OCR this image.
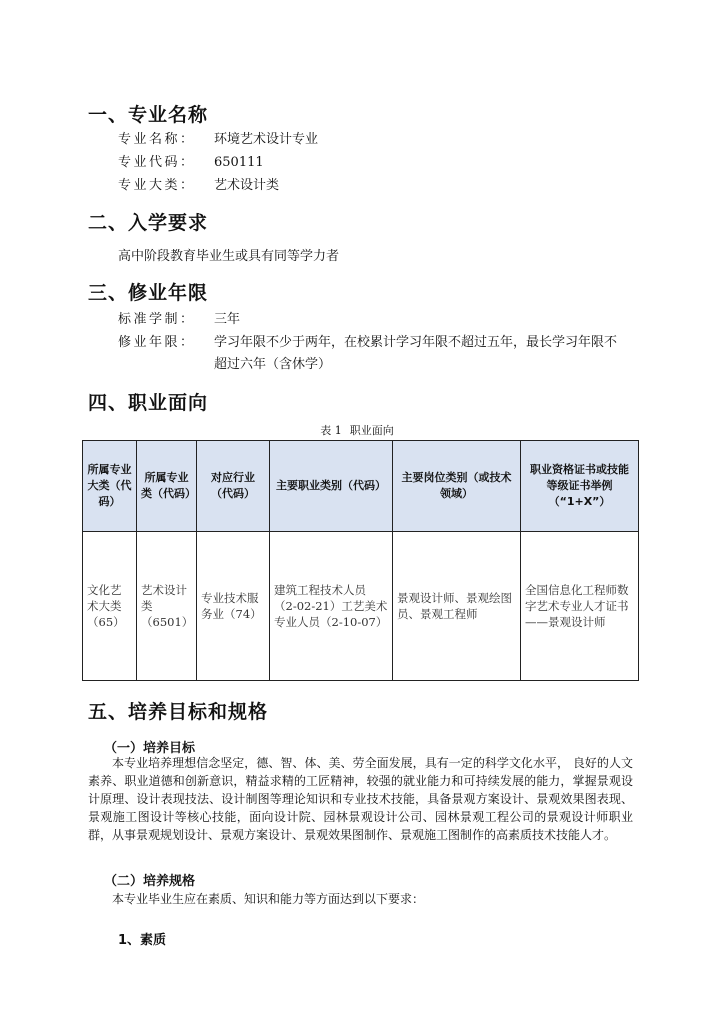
一、专业名称
专业名称： 环境艺术设计专业
专业代码： 650111
专业大类： 艺术设计类
二、入学要求
高中阶段教育毕业生或具有同等学力者
三、修业年限
标准学制： 三年
修业年限： 学习年限不少于两年，在校累计学习年限不超过五年，最长学习年限不超过六年（含休学）
四、职业面向
表 1 职业面向
所属专业大类（代码）	所属专业类（代码）	对应行业（代码）	主要职业类别（代码）	主要岗位类别（或技术领域）	职业资格证书或技能等级证书举例（“1+X”）
文化艺术大类（65）	艺术设计类（6501）	专业技术服务业（74）	建筑工程技术人员（2-02-21）工艺美术专业人员（2-10-07）	景观设计师、景观绘图员、景观工程师	全国信息化工程师数字艺术专业人才证书——景观设计师
五、培养目标和规格
（一）培养目标
本专业培养理想信念坚定，德、智、体、美、劳全面发展，具有一定的科学文化水平， 良好的人文素养、职业道德和创新意识，精益求精的工匠精神，较强的就业能力和可持续发展的能力，掌握景观设计原理、设计表现技法、设计制图等理论知识和专业技术技能，具备景观方案设计、景观效果图表现、景观施工图设计等核心技能，面向设计院、园林景观设计公司、园林景观工程公司的景观设计师职业群，从事景观规划设计、景观方案设计、景观效果图制作、景观施工图制作的高素质技术技能人才。
（二）培养规格
本专业毕业生应在素质、知识和能力等方面达到以下要求：
1、素质
